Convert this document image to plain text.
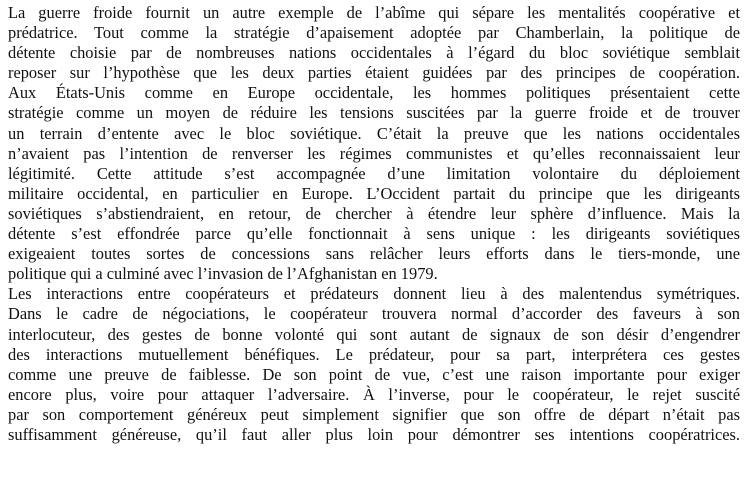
La guerre froide fournit un autre exemple de l’abîme qui sépare les mentalités coopérative et
prédatrice. Tout comme la stratégie d’apaisement adoptée par Chamberlain, la politique de
détente choisie par de nombreuses nations occidentales à l’égard du bloc soviétique semblait
reposer sur l’hypothèse que les deux parties étaient guidées par des principes de coopération.
Aux États-Unis comme en Europe occidentale, les hommes politiques présentaient cette
stratégie comme un moyen de réduire les tensions suscitées par la guerre froide et de trouver
un terrain d’entente avec le bloc soviétique. C’était la preuve que les nations occidentales
n’avaient pas l’intention de renverser les régimes communistes et qu’elles reconnaissaient leur
légitimité. Cette attitude s’est accompagnée d’une limitation volontaire du déploiement
militaire occidental, en particulier en Europe. L’Occident partait du principe que les dirigeants
soviétiques s’abstiendraient, en retour, de chercher à étendre leur sphère d’influence. Mais la
détente s’est effondrée parce qu’elle fonctionnait à sens unique : les dirigeants soviétiques
exigeaient toutes sortes de concessions sans relâcher leurs efforts dans le tiers-monde, une
politique qui a culminé avec l’invasion de l’Afghanistan en 1979.
Les interactions entre coopérateurs et prédateurs donnent lieu à des malentendus symétriques.
Dans le cadre de négociations, le coopérateur trouvera normal d’accorder des faveurs à son
interlocuteur, des gestes de bonne volonté qui sont autant de signaux de son désir d’engendrer
des interactions mutuellement bénéfiques. Le prédateur, pour sa part, interprétera ces gestes
comme une preuve de faiblesse. De son point de vue, c’est une raison importante pour exiger
encore plus, voire pour attaquer l’adversaire. À l’inverse, pour le coopérateur, le rejet suscité
par son comportement généreux peut simplement signifier que son offre de départ n’était pas
suffisamment généreuse, qu’il faut aller plus loin pour démontrer ses intentions coopératrices.
